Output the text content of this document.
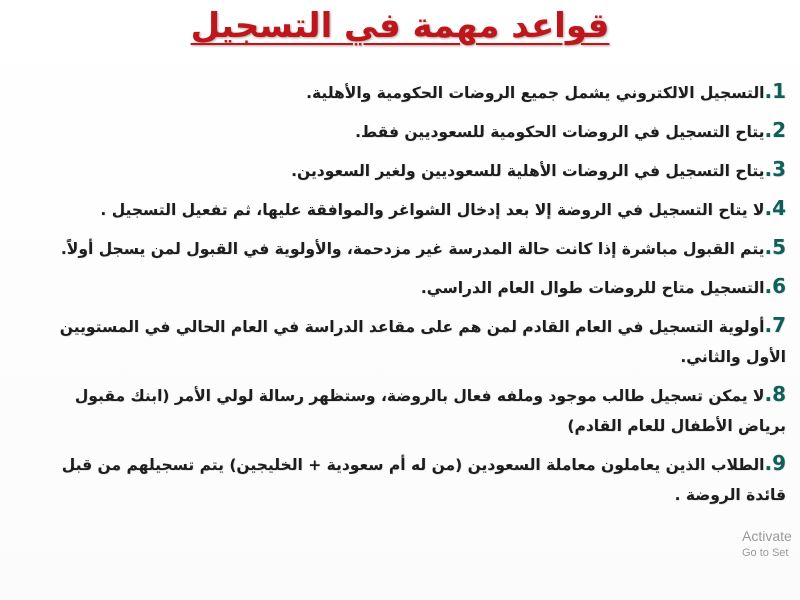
قواعد مهمة في التسجيل
1.التسجيل الالكتروني يشمل جميع الروضات الحكومية والأهلية.
2.يتاح التسجيل في الروضات الحكومية للسعوديين فقط.
3.يتاح التسجيل في الروضات الأهلية للسعوديين ولغير السعودين.
4.لا يتاح التسجيل في الروضة إلا بعد إدخال الشواغر والموافقة عليها، ثم تفعيل التسجيل .
5.يتم القبول مباشرة إذا كانت حالة المدرسة غير مزدحمة، والأولوية في القبول لمن يسجل أولاً.
6.التسجيل متاح للروضات طوال العام الدراسي.
7.أولوية التسجيل في العام القادم لمن هم على مقاعد الدراسة في العام الحالي في المستويين الأول والثاني.
8.لا يمكن تسجيل طالب موجود وملفه فعال بالروضة، وستظهر رسالة لولي الأمر (ابنك مقبول برياض الأطفال للعام القادم)
9.الطلاب الذين يعاملون معاملة السعودين (من له أم سعودية + الخليجين) يتم تسجيلهم من قبل قائدة الروضة .
Activate
Go to Set
